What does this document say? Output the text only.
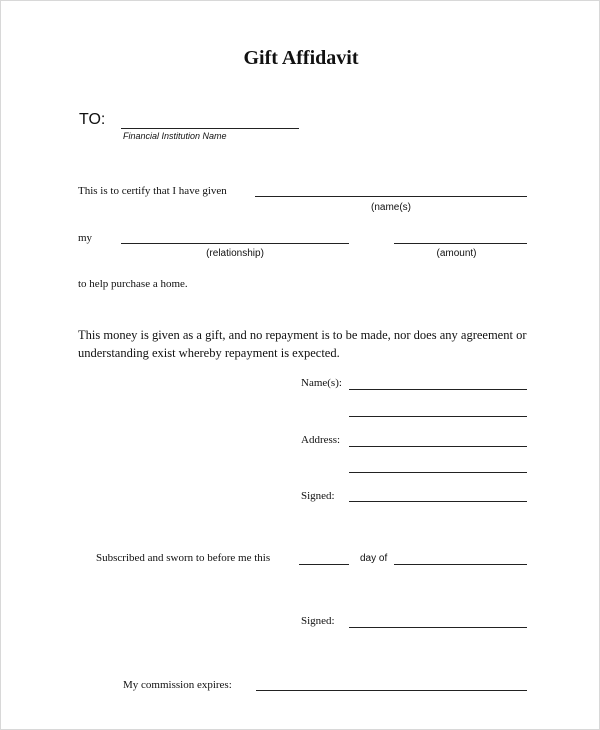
Gift Affidavit
TO:
Financial Institution Name
This is to certify that I have given
(name(s)
my
(relationship)	(amount)
to help purchase a home.
This money is given as a gift, and no repayment is to be made, nor does any agreement or
understanding exist whereby repayment is expected.
Name(s):
Address:
Signed:
Subscribed and sworn to before me this	day of
Signed:
My commission expires:
